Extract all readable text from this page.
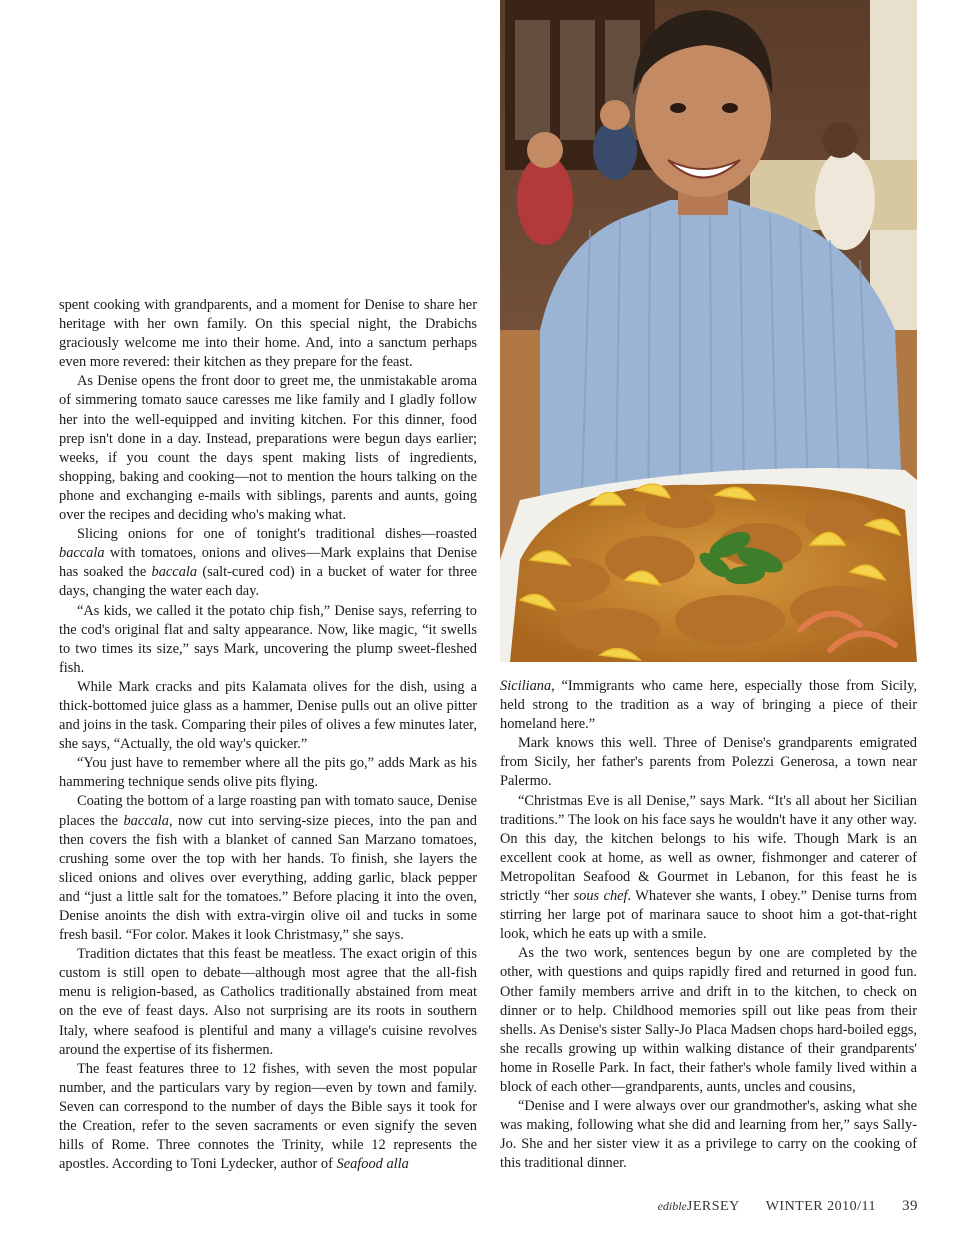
spent cooking with grandparents, and a moment for Denise to share her heritage with her own family. On this special night, the Drabichs graciously welcome me into their home. And, into a sanctum perhaps even more revered: their kitchen as they prepare for the feast.

As Denise opens the front door to greet me, the unmistakable aroma of simmering tomato sauce caresses me like family and I gladly follow her into the well-equipped and inviting kitchen. For this dinner, food prep isn't done in a day. Instead, preparations were begun days earlier; weeks, if you count the days spent making lists of ingredients, shopping, baking and cooking—not to mention the hours talking on the phone and exchanging e-mails with siblings, parents and aunts, going over the recipes and deciding who's making what.

Slicing onions for one of tonight's traditional dishes—roasted baccala with tomatoes, onions and olives—Mark explains that Denise has soaked the baccala (salt-cured cod) in a bucket of water for three days, changing the water each day.

“As kids, we called it the potato chip fish,” Denise says, referring to the cod's original flat and salty appearance. Now, like magic, “it swells to two times its size,” says Mark, uncovering the plump sweet-fleshed fish.

While Mark cracks and pits Kalamata olives for the dish, using a thick-bottomed juice glass as a hammer, Denise pulls out an olive pitter and joins in the task. Comparing their piles of olives a few minutes later, she says, “Actually, the old way's quicker.”

“You just have to remember where all the pits go,” adds Mark as his hammering technique sends olive pits flying.

Coating the bottom of a large roasting pan with tomato sauce, Denise places the baccala, now cut into serving-size pieces, into the pan and then covers the fish with a blanket of canned San Marzano tomatoes, crushing some over the top with her hands. To finish, she layers the sliced onions and olives over everything, adding garlic, black pepper and “just a little salt for the tomatoes.” Before placing it into the oven, Denise anoints the dish with extra-virgin olive oil and tucks in some fresh basil. “For color. Makes it look Christmasy,” she says.

Tradition dictates that this feast be meatless. The exact origin of this custom is still open to debate—although most agree that the all-fish menu is religion-based, as Catholics traditionally abstained from meat on the eve of feast days. Also not surprising are its roots in southern Italy, where seafood is plentiful and many a village's cuisine revolves around the expertise of its fishermen.

The feast features three to 12 fishes, with seven the most popular number, and the particulars vary by region—even by town and family. Seven can correspond to the number of days the Bible says it took for the Creation, refer to the seven sacraments or even signify the seven hills of Rome. Three connotes the Trinity, while 12 represents the apostles. According to Toni Lydecker, author of Seafood alla

Siciliana, “Immigrants who came here, especially those from Sicily, held strong to the tradition as a way of bringing a piece of their homeland here.”

Mark knows this well. Three of Denise's grandparents emigrated from Sicily, her father's parents from Polezzi Generosa, a town near Palermo.

“Christmas Eve is all Denise,” says Mark. “It's all about her Sicilian traditions.” The look on his face says he wouldn't have it any other way. On this day, the kitchen belongs to his wife. Though Mark is an excellent cook at home, as well as owner, fishmonger and caterer of Metropolitan Seafood & Gourmet in Lebanon, for this feast he is strictly “her sous chef. Whatever she wants, I obey.” Denise turns from stirring her large pot of marinara sauce to shoot him a got-that-right look, which he eats up with a smile.

As the two work, sentences begun by one are completed by the other, with questions and quips rapidly fired and returned in good fun. Other family members arrive and drift in to the kitchen, to check on dinner or to help. Childhood memories spill out like peas from their shells. As Denise's sister Sally-Jo Placa Madsen chops hard-boiled eggs, she recalls growing up within walking distance of their grandparents' home in Roselle Park. In fact, their father's whole family lived within a block of each other—grandparents, aunts, uncles and cousins,

“Denise and I were always over our grandmother's, asking what she was making, following what she did and learning from her,” says Sally-Jo. She and her sister view it as a privilege to carry on the cooking of this traditional dinner.

edibleJERSEY WINTER 2010/11 39
